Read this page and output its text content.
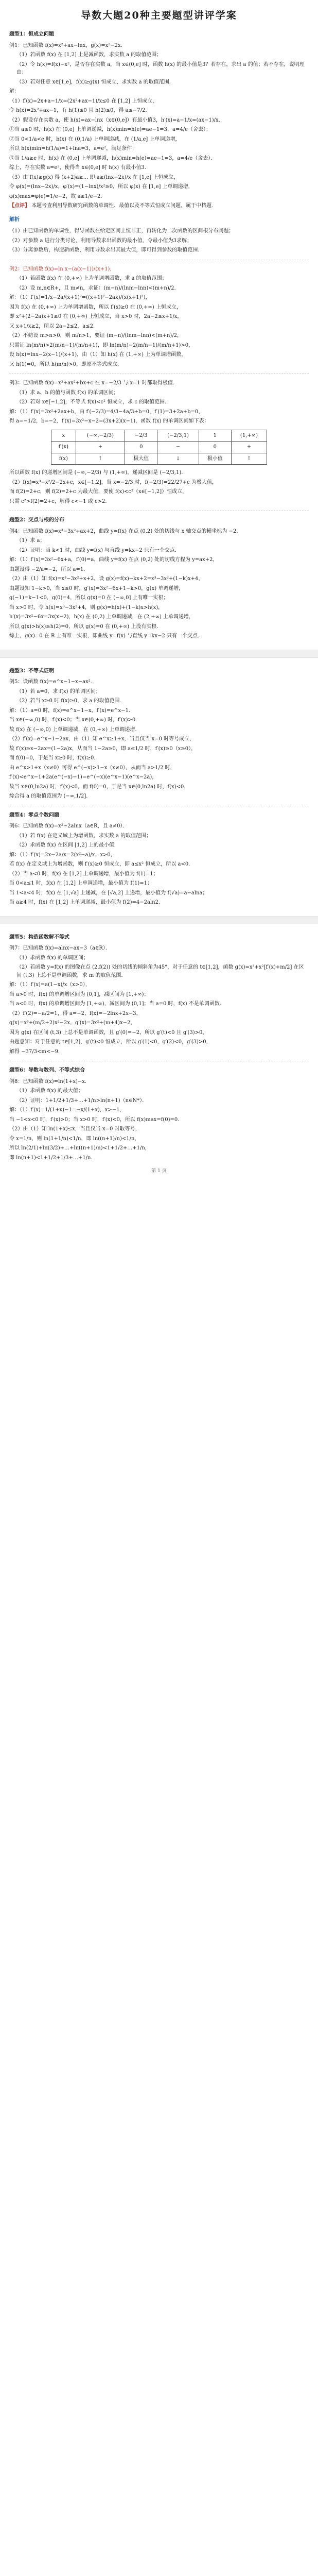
导数大题20种主要题型讲评学案
题型1：恒成立问题
例1：已知函数 f(x)=x²+ax−lnx，g(x)=x²−2x．
（1）若函数 f(x) 在 [1,2] 上是减函数，求实数 a 的取值范围；
（2）令 h(x)=f(x)−x²，是否存在实数 a，当 x∈(0,e] 时，函数 h(x) 的最小值是3？若存在，求出 a 的值；若不存在，说明理由；
（3）若对任意 x∈[1,e]，f(x)≥g(x) 恒成立，求实数 a 的取值范围．
解：
（1）f′(x)=2x+a−1/x=(2x²+ax−1)/x≤0 在 [1,2] 上恒成立，
令 h(x)=2x²+ax−1，有 h(1)≤0 且 h(2)≤0，得 a≤−7/2．
（2）假设存在实数 a，使 h(x)=ax−lnx（x∈(0,e]）有最小值3，h′(x)=a−1/x=(ax−1)/x．
①当 a≤0 时，h(x) 在 (0,e] 上单调递减，h(x)min=h(e)=ae−1=3，a=4/e（舍去）；
②当 0<1/a<e 时，h(x) 在 (0,1/a) 上单调递减，在 (1/a,e] 上单调递增，
所以 h(x)min=h(1/a)=1+lna=3，a=e²，满足条件；
③当 1/a≥e 时，h(x) 在 (0,e] 上单调递减，h(x)min=h(e)=ae−1=3，a=4/e（舍去）．
综上，存在实数 a=e²，使得当 x∈(0,e] 时 h(x) 有最小值3．
（3）由 f(x)≥g(x) 得 (x+2)a≥... 即 a≥(lnx−2x)/x 在 [1,e] 上恒成立，
令 φ(x)=(lnx−2x)/x，φ′(x)=(1−lnx)/x²≥0，所以 φ(x) 在 [1,e] 上单调递增，
φ(x)max=φ(e)=1/e−2，故 a≥1/e−2．
【点评】 本题考查利用导数研究函数的单调性、最值以及不等式恒成立问题，属于中档题．
解析
（1）由已知函数的单调性，得导函数在给定区间上恒非正，再转化为二次函数的区间根分布问题；
（2）对参数 a 进行分类讨论，利用导数求出函数的最小值，令最小值为3求解；
（3）分离参数后，构造新函数，利用导数求出其最大值，即可得到参数的取值范围．
例2：已知函数 f(x)=ln x−(a(x−1))/(x+1)．
（1）若函数 f(x) 在 (0,+∞) 上为单调增函数，求 a 的取值范围；
（2）设 m,n∈R+，且 m≠n，求证：(m−n)/(lnm−lnn)<(m+n)/2．
解：（1）f′(x)=1/x−2a/(x+1)²=((x+1)²−2ax)/(x(x+1)²)，
因为 f(x) 在 (0,+∞) 上为单调增函数，所以 f′(x)≥0 在 (0,+∞) 上恒成立，
即 x²+(2−2a)x+1≥0 在 (0,+∞) 上恒成立，当 x>0 时，2a−2≤x+1/x，
又 x+1/x≥2，所以 2a−2≤2，a≤2．
（2）不妨设 m>n>0，则 m/n>1，要证 (m−n)/(lnm−lnn)<(m+n)/2，
只需证 ln(m/n)>2(m/n−1)/(m/n+1)，即 ln(m/n)−2(m/n−1)/(m/n+1)>0，
设 h(x)=lnx−2(x−1)/(x+1)，由（1）知 h(x) 在 (1,+∞) 上为单调增函数，
又 h(1)=0，所以 h(m/n)>0，即原不等式成立．
例3：已知函数 f(x)=x³+ax²+bx+c 在 x=−2/3 与 x=1 时都取得极值．
（1）求 a、b 的值与函数 f(x) 的单调区间；
（2）若对 x∈[−1,2]，不等式 f(x)<c² 恒成立，求 c 的取值范围．
解：（1）f′(x)=3x²+2ax+b，由 f′(−2/3)=4/3−4a/3+b=0，f′(1)=3+2a+b=0，
得 a=−1/2，b=−2，f′(x)=3x²−x−2=(3x+2)(x−1)，函数 f(x) 的单调区间如下表：
x	(−∞,−2/3)	−2/3	(−2/3,1)	1	(1,+∞)
f′(x)	+	0	−	0	+
f(x)	↑	极大值	↓	极小值	↑
所以函数 f(x) 的递增区间是 (−∞,−2/3) 与 (1,+∞)，递减区间是 (−2/3,1)．
（2）f(x)=x³−x²/2−2x+c，x∈[−1,2]，当 x=−2/3 时，f(−2/3)=22/27+c 为极大值，
而 f(2)=2+c，则 f(2)=2+c 为最大值，要使 f(x)<c²（x∈[−1,2]）恒成立，
只需 c²>f(2)=2+c，解得 c<−1 或 c>2．
题型2：交点与根的分布
例4：已知函数 f(x)=x³−3x²+ax+2，曲线 y=f(x) 在点 (0,2) 处的切线与 x 轴交点的横坐标为 −2．
（1）求 a；
（2）证明：当 k<1 时，曲线 y=f(x) 与直线 y=kx−2 只有一个交点．
解：（1）f′(x)=3x²−6x+a，f′(0)=a，曲线 y=f(x) 在点 (0,2) 处的切线方程为 y=ax+2，
由题设得 −2/a=−2，所以 a=1．
（2）由（1）知 f(x)=x³−3x²+x+2，设 g(x)=f(x)−kx+2=x³−3x²+(1−k)x+4，
由题设知 1−k>0，当 x≤0 时，g′(x)=3x²−6x+1−k>0，g(x) 单调递增，
g(−1)=k−1<0，g(0)=4，所以 g(x)=0 在 (−∞,0] 上有唯一实根；
当 x>0 时，令 h(x)=x³−3x²+4，则 g(x)=h(x)+(1−k)x>h(x)，
h′(x)=3x²−6x=3x(x−2)，h(x) 在 (0,2) 上单调递减，在 (2,+∞) 上单调递增，
所以 g(x)>h(x)≥h(2)=0，所以 g(x)=0 在 (0,+∞) 上没有实根．
综上，g(x)=0 在 R 上有唯一实根，即曲线 y=f(x) 与直线 y=kx−2 只有一个交点．
题型3：不等式证明
例5：设函数 f(x)=e^x−1−x−ax²．
（1）若 a=0，求 f(x) 的单调区间；
（2）若当 x≥0 时 f(x)≥0，求 a 的取值范围．
解：（1）a=0 时，f(x)=e^x−1−x，f′(x)=e^x−1．
当 x∈(−∞,0) 时，f′(x)<0；当 x∈(0,+∞) 时，f′(x)>0．
故 f(x) 在 (−∞,0) 上单调递减，在 (0,+∞) 上单调递增．
（2）f′(x)=e^x−1−2ax，由（1）知 e^x≥1+x，当且仅当 x=0 时等号成立，
故 f′(x)≥x−2ax=(1−2a)x，从而当 1−2a≥0，即 a≤1/2 时，f′(x)≥0（x≥0），
而 f(0)=0，于是当 x≥0 时，f(x)≥0．
由 e^x>1+x（x≠0）可得 e^(−x)>1−x（x≠0），从而当 a>1/2 时，
f′(x)<e^x−1+2a(e^(−x)−1)=e^(−x)(e^x−1)(e^x−2a)，
故当 x∈(0,ln2a) 时，f′(x)<0，而 f(0)=0，于是当 x∈(0,ln2a) 时，f(x)<0．
综合得 a 的取值范围为 (−∞,1/2]．
题型4：零点个数问题
例6：已知函数 f(x)=x²−2alnx（a∈R，且 a≠0）．
（1）若 f(x) 在定义域上为增函数，求实数 a 的取值范围；
（2）求函数 f(x) 在区间 [1,2] 上的最小值．
解：（1）f′(x)=2x−2a/x=2(x²−a)/x，x>0，
若 f(x) 在定义域上为增函数，则 f′(x)≥0 恒成立，即 a≤x² 恒成立，所以 a<0．
（2）当 a<0 时，f(x) 在 [1,2] 上单调递增，最小值为 f(1)=1；
当 0<a≤1 时，f(x) 在 [1,2] 上单调递增，最小值为 f(1)=1；
当 1<a<4 时，f(x) 在 [1,√a] 上递减，在 [√a,2] 上递增，最小值为 f(√a)=a−alna；
当 a≥4 时，f(x) 在 [1,2] 上单调递减，最小值为 f(2)=4−2aln2．
题型5：构造函数解不等式
例7：已知函数 f(x)=alnx−ax−3（a∈R）．
（1）求函数 f(x) 的单调区间；
（2）若函数 y=f(x) 的图像在点 (2,f(2)) 处的切线的倾斜角为45°，对于任意的 t∈[1,2]，函数 g(x)=x³+x²[f′(x)+m/2] 在区间 (t,3) 上总不是单调函数，求 m 的取值范围．
解：（1）f′(x)=a(1−x)/x（x>0），
当 a>0 时，f(x) 的单调增区间为 (0,1]，减区间为 [1,+∞)；
当 a<0 时，f(x) 的单调增区间为 [1,+∞)，减区间为 (0,1]；当 a=0 时，f(x) 不是单调函数．
（2）f′(2)=−a/2=1，得 a=−2，f(x)=−2lnx+2x−3，
g(x)=x³+(m/2+2)x²−2x，g′(x)=3x²+(m+4)x−2，
因为 g(x) 在区间 (t,3) 上总不是单调函数，且 g′(0)=−2，所以 g′(t)<0 且 g′(3)>0，
由题意知：对于任意的 t∈[1,2]，g′(t)<0 恒成立，所以 g′(1)<0，g′(2)<0，g′(3)>0，
解得 −37/3<m<−9．
题型6：导数与数列、不等式综合
例8：已知函数 f(x)=ln(1+x)−x．
（1）求函数 f(x) 的最大值；
（2）证明：1+1/2+1/3+…+1/n>ln(n+1)（n∈N*）．
解：（1）f′(x)=1/(1+x)−1=−x/(1+x)，x>−1，
当 −1<x<0 时，f′(x)>0；当 x>0 时，f′(x)<0，所以 f(x)max=f(0)=0．
（2）由（1）知 ln(1+x)≤x，当且仅当 x=0 时取等号，
令 x=1/n，则 ln(1+1/n)<1/n，即 ln((n+1)/n)<1/n，
所以 ln(2/1)+ln(3/2)+…+ln((n+1)/n)<1+1/2+…+1/n，
即 ln(n+1)<1+1/2+1/3+…+1/n．
第 1 页
